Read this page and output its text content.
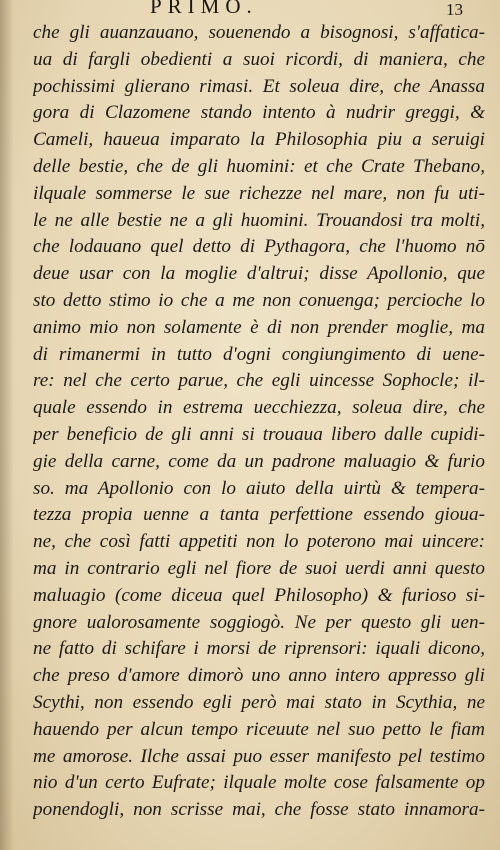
PRIMO.	13
che gli auanzauano, souenendo a bisognosi, s'affatica-
ua di fargli obedienti a suoi ricordi, di maniera, che
pochissimi glierano rimasi. Et soleua dire, che Anassa
gora di Clazomene stando intento à nudrir greggi, &
Cameli, haueua imparato la Philosophia piu a seruigi
delle bestie, che de gli huomini: et che Crate Thebano,
ilquale sommerse le sue richezze nel mare, non fu uti-
le ne alle bestie ne a gli huomini. Trouandosi tra molti,
che lodauano quel detto di Pythagora, che l'huomo nō
deue usar con la moglie d'altrui; disse Apollonio, que
sto detto stimo io che a me non conuenga; percioche lo
animo mio non solamente è di non prender moglie, ma
di rimanermi in tutto d'ogni congiungimento di uene-
re: nel che certo parue, che egli uincesse Sophocle; il-
quale essendo in estrema uecchiezza, soleua dire, che
per beneficio de gli anni si trouaua libero dalle cupidi-
gie della carne, come da un padrone maluagio & furio
so. ma Apollonio con lo aiuto della uirtù & tempera-
tezza propia uenne a tanta perfettione essendo gioua-
ne, che così fatti appetiti non lo poterono mai uincere:
ma in contrario egli nel fiore de suoi uerdi anni questo
maluagio (come diceua quel Philosopho) & furioso si-
gnore ualorosamente soggiogò. Ne per questo gli uen-
ne fatto di schifare i morsi de riprensori: iquali dicono,
che preso d'amore dimorò uno anno intero appresso gli
Scythi, non essendo egli però mai stato in Scythia, ne
hauendo per alcun tempo riceuute nel suo petto le fiam
me amorose. Ilche assai puo esser manifesto pel testimo
nio d'un certo Eufrate; ilquale molte cose falsamente op
ponendogli, non scrisse mai, che fosse stato innamora-
